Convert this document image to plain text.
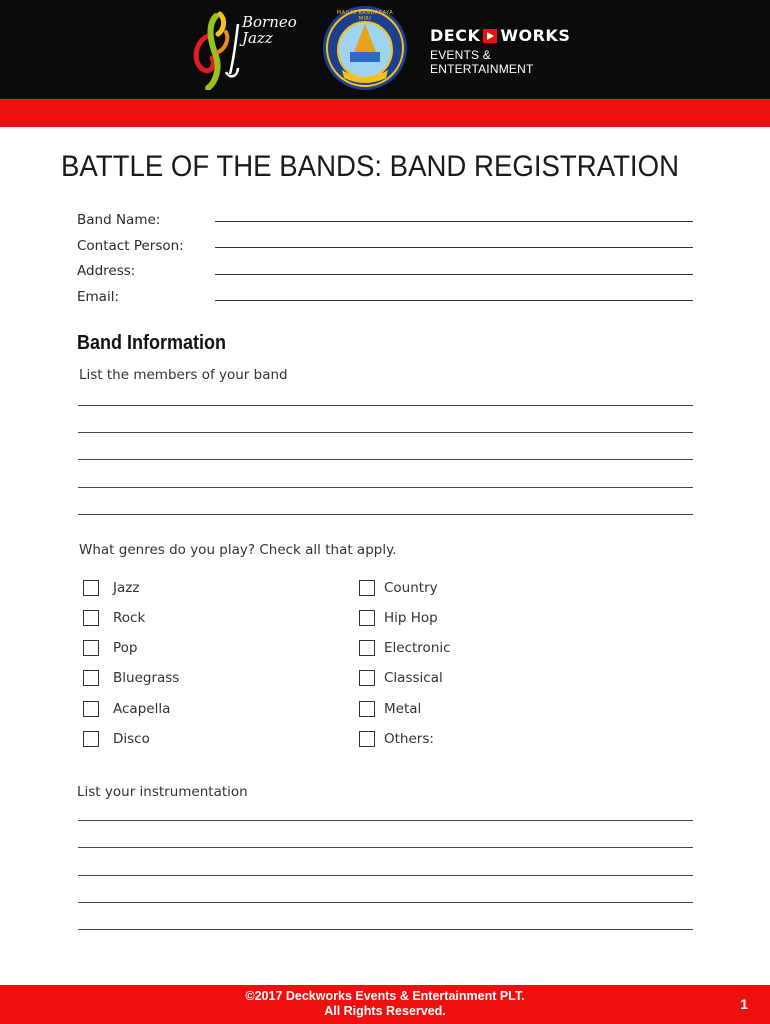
Borneo Jazz
MAJLIS BANDARAYA MIRI
DECK WORKS
EVENTS & ENTERTAINMENT
BATTLE OF THE BANDS: BAND REGISTRATION
Band Name:
Contact Person:
Address:
Email:
Band Information
List the members of your band
What genres do you play? Check all that apply.
Jazz
Rock
Pop
Bluegrass
Acapella
Disco
Country
Hip Hop
Electronic
Classical
Metal
Others:
List your instrumentation
©2017 Deckworks Events & Entertainment PLT.
All Rights Reserved.	1
